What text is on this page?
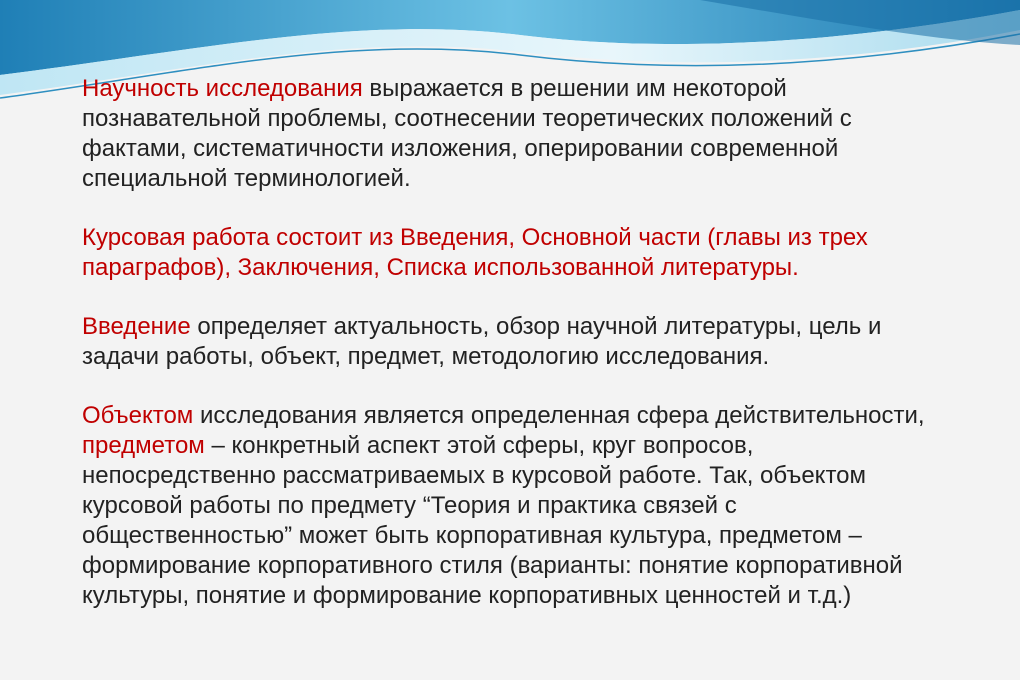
Научность исследования выражается в решении им некоторой познавательной проблемы, соотнесении теоретических положений с фактами, систематичности изложения, оперировании современной специальной терминологией.

Курсовая работа состоит из Введения, Основной части (главы из трех параграфов), Заключения, Списка использованной литературы.

Введение определяет актуальность, обзор научной литературы, цель и задачи работы, объект, предмет, методологию исследования.

Объектом исследования является определенная сфера действительности, предметом – конкретный аспект этой сферы, круг вопросов, непосредственно рассматриваемых в курсовой работе. Так, объектом курсовой работы по предмету “Теория и практика связей с общественностью” может быть корпоративная культура, предметом – формирование корпоративного стиля (варианты: понятие корпоративной культуры, понятие и формирование корпоративных ценностей и т.д.)
